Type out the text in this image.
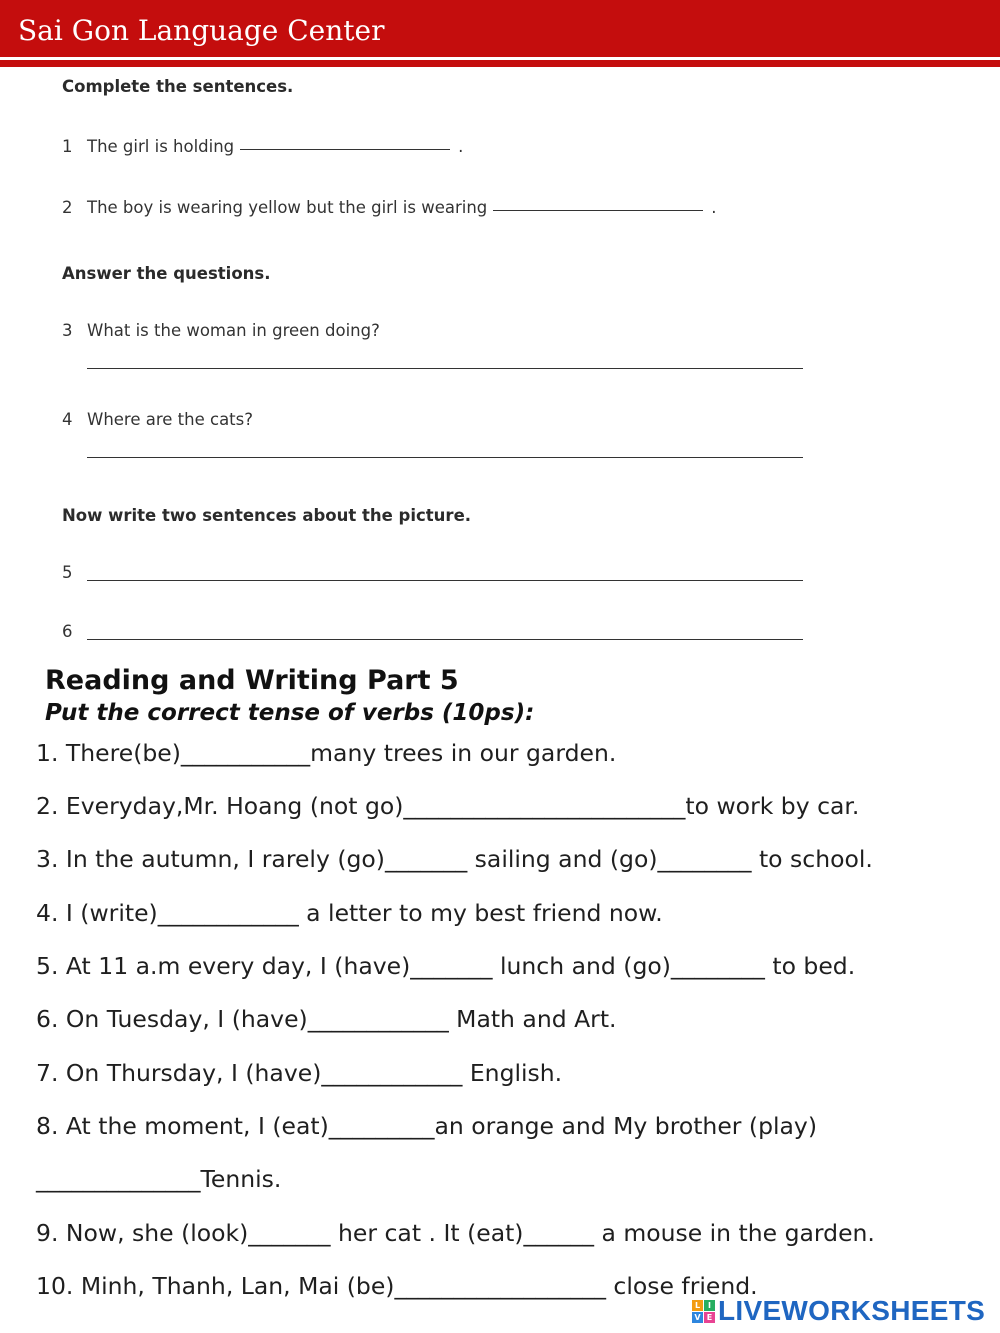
Sai Gon Language Center
Complete the sentences.
1 The girl is holding	.
2 The boy is wearing yellow but the girl is wearing	.
Answer the questions.
3 What is the woman in green doing?
4 Where are the cats?
Now write two sentences about the picture.
5
6
Reading and Writing Part 5
Put the correct tense of verbs (10ps):
1. There(be)___________many trees in our garden.
2. Everyday,Mr. Hoang (not go)________________________to work by car.
3. In the autumn, I rarely (go)_______ sailing and (go)________ to school.
4. I (write)____________ a letter to my best friend now.
5. At 11 a.m every day, I (have)_______ lunch and (go)________ to bed.
6. On Tuesday, I (have)____________ Math and Art.
7. On Thursday, I (have)____________ English.
8. At the moment, I (eat)_________an orange and My brother (play)
______________Tennis.
9. Now, she (look)_______ her cat . It (eat)______ a mouse in the garden.
10. Minh, Thanh, Lan, Mai (be)__________________ close friend.
L I
V E LIVEWORKSHEETS
